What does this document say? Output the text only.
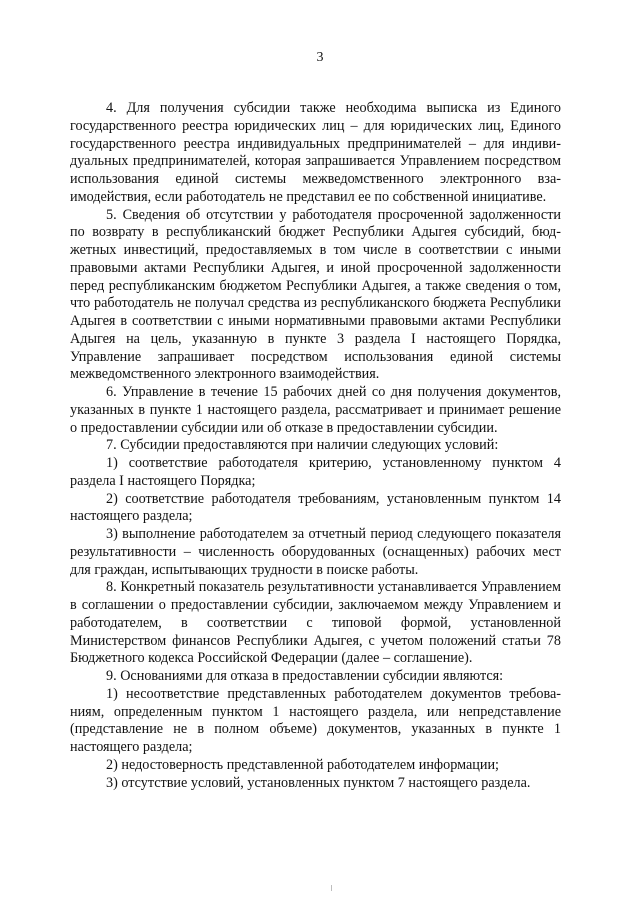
3

4. Для получения субсидии также необходима выписка из Единого государственного реестра юридических лиц – для юридических лиц, Единого государственного реестра индивидуальных предпринимателей – для индивидуальных предпринимателей, которая запрашивается Управлением посредством использования единой системы межведомственного электронного взаимодействия, если работодатель не представил ее по собственной инициативе.

5. Сведения об отсутствии у работодателя просроченной задолженности по возврату в республиканский бюджет Республики Адыгея субсидий, бюджетных инвестиций, предоставляемых в том числе в соответствии с иными правовыми актами Республики Адыгея, и иной просроченной задолженности перед республиканским бюджетом Республики Адыгея, а также сведения о том, что работодатель не получал средства из республиканского бюджета Республики Адыгея в соответствии с иными нормативными правовыми актами Республики Адыгея на цель, указанную в пункте 3 раздела I настоящего Порядка, Управление запрашивает посредством использования единой системы межведомственного электронного взаимодействия.

6. Управление в течение 15 рабочих дней со дня получения документов, указанных в пункте 1 настоящего раздела, рассматривает и принимает решение о предоставлении субсидии или об отказе в предоставлении субсидии.

7. Субсидии предоставляются при наличии следующих условий:

1) соответствие работодателя критерию, установленному пунктом 4 раздела I настоящего Порядка;

2) соответствие работодателя требованиям, установленным пунктом 14 настоящего раздела;

3) выполнение работодателем за отчетный период следующего показателя результативности – численность оборудованных (оснащенных) рабочих мест для граждан, испытывающих трудности в поиске работы.

8. Конкретный показатель результативности устанавливается Управлением в соглашении о предоставлении субсидии, заключаемом между Управлением и работодателем, в соответствии с типовой формой, установленной Министерством финансов Республики Адыгея, с учетом положений статьи 78 Бюджетного кодекса Российской Федерации (далее – соглашение).

9. Основаниями для отказа в предоставлении субсидии являются:

1) несоответствие представленных работодателем документов требованиям, определенным пунктом 1 настоящего раздела, или непредставление (представление не в полном объеме) документов, указанных в пункте 1 настоящего раздела;

2) недостоверность представленной работодателем информации;

3) отсутствие условий, установленных пунктом 7 настоящего раздела.
